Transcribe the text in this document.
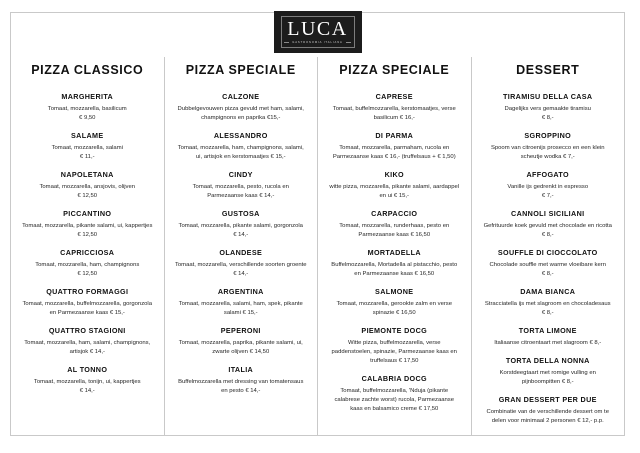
LUCA
GASTRONOMIA ITALIANA
PIZZA CLASSICO
MARGHERITA
Tomaat, mozzarella, basilicum
€ 9,50
SALAME
Tomaat, mozzarella, salami
€ 11,-
NAPOLETANA
Tomaat, mozzarella, ansjovis, olijven
€ 12,50
PICCANTINO
Tomaat, mozzarella, pikante salami, ui, kappertjes € 12,50
CAPRICCIOSA
Tomaat, mozzarella, ham, champignons
€ 12,50
QUATTRO FORMAGGI
Tomaat, mozzarella, buffelmozzarella, gorgonzola en Parmezaanse kaas € 15,-
QUATTRO STAGIONI
Tomaat, mozzarella, ham, salami, champignons, artisjok € 14,-
AL TONNO
Tomaat, mozzarella, tonijn, ui, kappertjes
€ 14,-
PIZZA SPECIALE
CALZONE
Dubbelgevouwen pizza gevuld met ham, salami, champignons en paprika €15,-
ALESSANDRO
Tomaat, mozzarella, ham, champignons, salami, ui, artisjok en kerstomaatjes € 15,-
CINDY
Tomaat, mozzarella, pesto, rucola en Parmezaanse kaas € 14,-
GUSTOSA
Tomaat, mozzarella, pikante salami, gorgonzola
€ 14,-
OLANDESE
Tomaat, mozzarella, verschillende soorten groente € 14,-
ARGENTINA
Tomaat, mozzarella, salami, ham, spek, pikante salami € 15,-
PEPERONI
Tomaat, mozzarella, paprika, pikante salami, ui, zwarte olijven € 14,50
ITALIA
Buffelmozzarella met dressing van tomatensaus en pesto € 14,-
PIZZA SPECIALE
CAPRESE
Tomaat, buffelmozzarella, kerstomaatjes, verse basilicum € 16,-
DI PARMA
Tomaat, mozzarella, parmaham, rucola en Parmezaanse kaas € 16,- (truffelsaus + € 1,50)
KIKO
witte pizza, mozzarella, pikante salami, aardappel en ui € 15,-
CARPACCIO
Tomaat, mozzarella, runderhaas, pesto en Parmezaanse kaas € 16,50
MORTADELLA
Buffelmozzarella, Mortadella al pistacchio, pesto en Parmezaanse kaas € 16,50
SALMONE
Tomaat, mozzarella, gerookte zalm en verse spinazie € 16,50
PIEMONTE DOCG
Witte pizza, buffelmozzarella, verse paddenstoelen, spinazie, Parmezaanse kaas en truffelsaus € 17,50
CALABRIA DOCG
Tomaat, buffelmozzarella, 'Nduja (pikante calabrese zachte worst) rucola, Parmezaanse kaas en balsamico creme € 17,50
DESSERT
TIRAMISU DELLA CASA
Dagelijks vers gemaakte tiramisu
€ 8,-
SGROPPINO
Spoom van citroenijs prosecco en een klein scheutje wodka € 7,-
AFFOGATO
Vanille ijs gedrenkt in espresso
€ 7,-
CANNOLI SICILIANI
Gefrituurde koek gevuld met chocolade en ricotta € 8,-
SOUFFLE DI CIOCCOLATO
Chocolade souffle met warme vloeibare kern
€ 8,-
DAMA BIANCA
Stracciatella ijs met slagroom en chocoladesaus
€ 8,-
TORTA LIMONE
Italiaanse citroentaart met slagroom € 8,-
TORTA DELLA NONNA
Korstdeegtaart met romige vulling en pijnboompitten € 8,-
GRAN DESSERT PER DUE
Combinatie van de verschillende dessert om te delen voor minimaal 2 personen € 12,- p.p.
